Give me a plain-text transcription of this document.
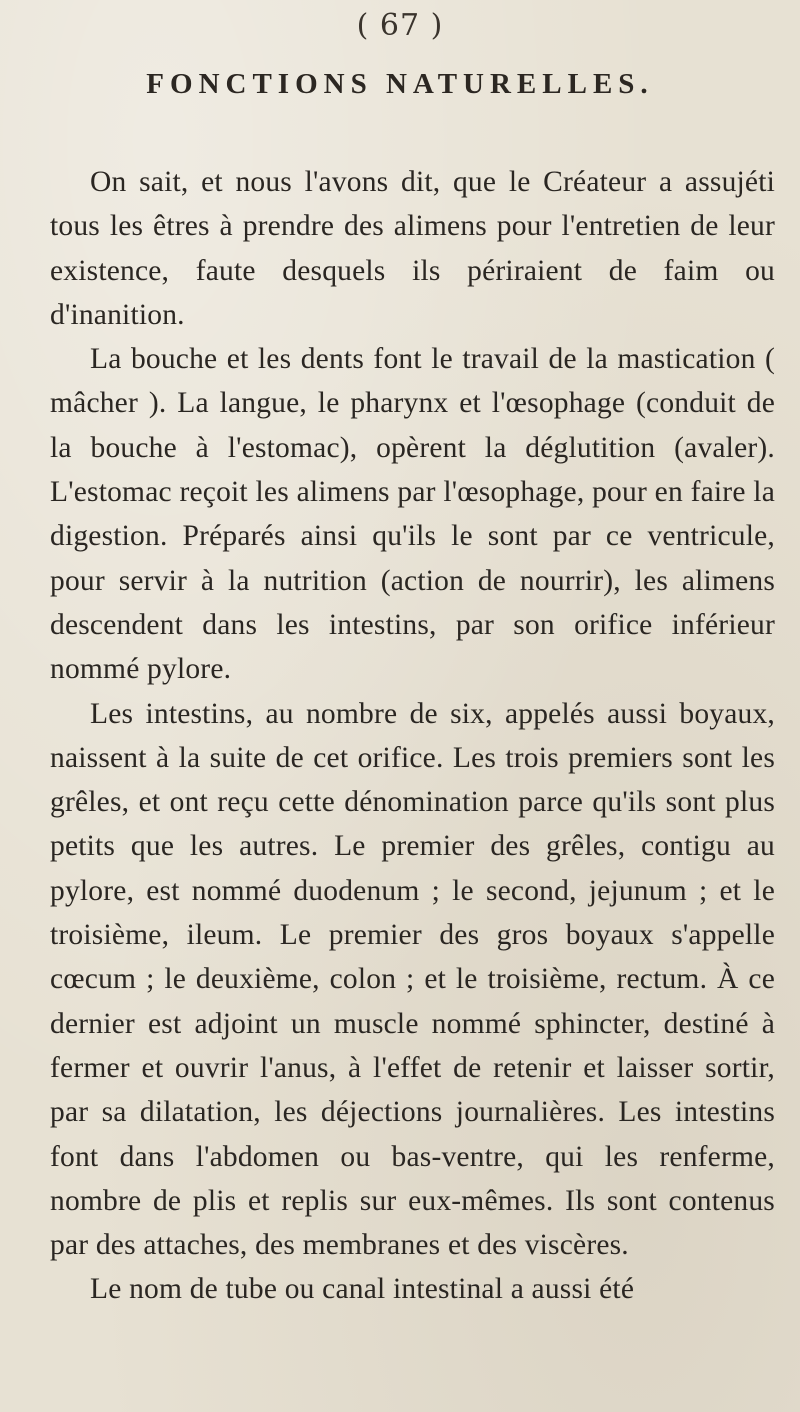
( 67 )
FONCTIONS NATURELLES.

On sait, et nous l'avons dit, que le Créateur a assujéti tous les êtres à prendre des alimens pour l'entretien de leur existence, faute desquels ils périraient de faim ou d'inanition.

La bouche et les dents font le travail de la mastication ( mâcher ). La langue, le pharynx et l'œsophage (conduit de la bouche à l'estomac), opèrent la déglutition (avaler). L'estomac reçoit les alimens par l'œsophage, pour en faire la digestion. Préparés ainsi qu'ils le sont par ce ventricule, pour servir à la nutrition (action de nourrir), les alimens descendent dans les intestins, par son orifice inférieur nommé pylore.

Les intestins, au nombre de six, appelés aussi boyaux, naissent à la suite de cet orifice. Les trois premiers sont les grêles, et ont reçu cette dénomination parce qu'ils sont plus petits que les autres. Le premier des grêles, contigu au pylore, est nommé duodenum ; le second, jejunum ; et le troisième, ileum. Le premier des gros boyaux s'appelle cœcum ; le deuxième, colon ; et le troisième, rectum. À ce dernier est adjoint un muscle nommé sphincter, destiné à fermer et ouvrir l'anus, à l'effet de retenir et laisser sortir, par sa dilatation, les déjections journalières. Les intestins font dans l'abdomen ou bas-ventre, qui les renferme, nombre de plis et replis sur eux-mêmes. Ils sont contenus par des attaches, des membranes et des viscères.

Le nom de tube ou canal intestinal a aussi été
